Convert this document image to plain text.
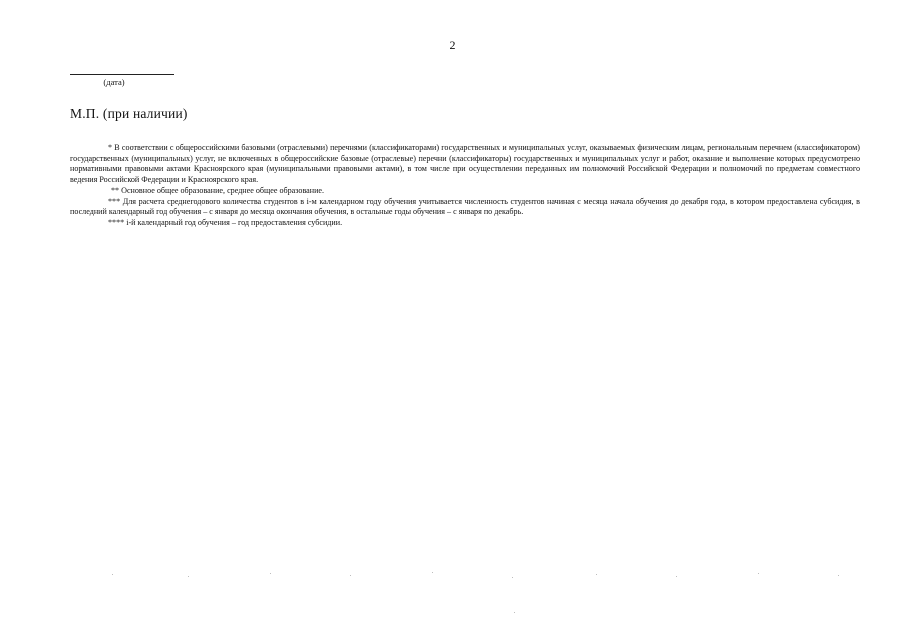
2
(дата)
М.П. (при наличии)

* В соответствии с общероссийскими базовыми (отраслевыми) перечнями (классификаторами) государственных и муниципальных услуг, оказываемых физическим лицам, региональным перечнем (классификатором) государственных (муниципальных) услуг, не включенных в общероссийские базовые (отраслевые) перечни (классификаторы) государственных и муниципальных услуг и работ, оказание и выполнение которых предусмотрено нормативными правовыми актами Красноярского края (муниципальными правовыми актами), в том числе при осуществлении переданных им полномочий Российской Федерации и полномочий по предметам совместного ведения Российской Федерации и Красноярского края.

** Основное общее образование, среднее общее образование.

*** Для расчета среднегодового количества студентов в i-м календарном году обучения учитывается численность студентов начиная с месяца начала обучения до декабря года, в котором предоставлена субсидия, в последний календарный год обучения – с января до месяца окончания обучения, в остальные годы обучения – с января по декабрь.

**** i-й календарный год обучения – год предоставления субсидии.
